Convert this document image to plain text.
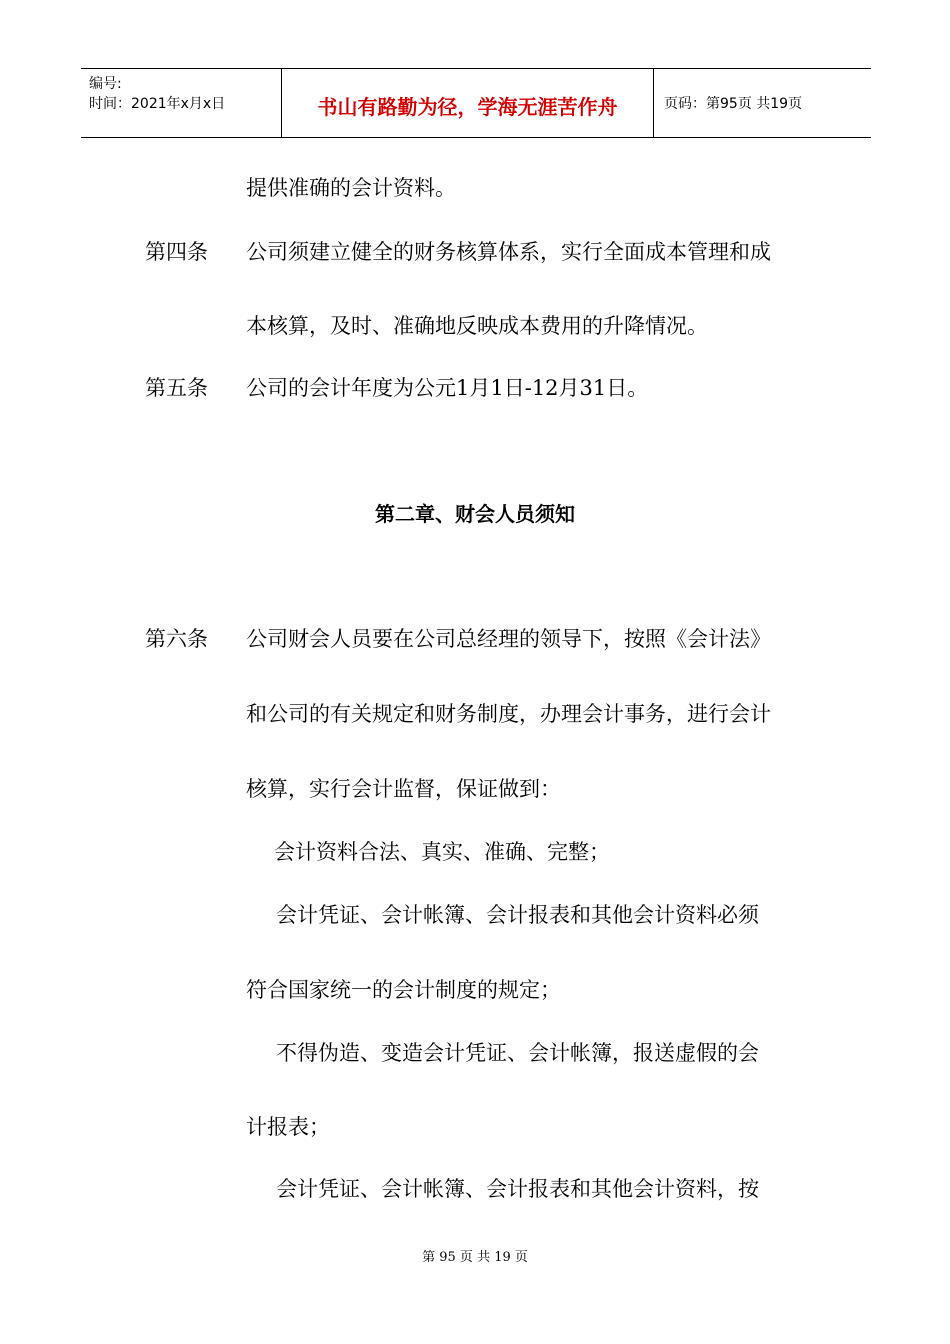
编号:
时间：2021年x月x日	书山有路勤为径，学海无涯苦作舟	页码：第95页 共19页
提供准确的会计资料。
第四条 公司须建立健全的财务核算体系，实行全面成本管理和成
本核算，及时、准确地反映成本费用的升降情况。
第五条 公司的会计年度为公元1月1日-12月31日。
第二章、财会人员须知
第六条 公司财会人员要在公司总经理的领导下，按照《会计法》
和公司的有关规定和财务制度，办理会计事务，进行会计
核算，实行会计监督，保证做到：
会计资料合法、真实、准确、完整；
会计凭证、会计帐簿、会计报表和其他会计资料必须
符合国家统一的会计制度的规定；
不得伪造、变造会计凭证、会计帐簿，报送虚假的会
计报表；
会计凭证、会计帐簿、会计报表和其他会计资料，按
第 95 页 共 19 页
